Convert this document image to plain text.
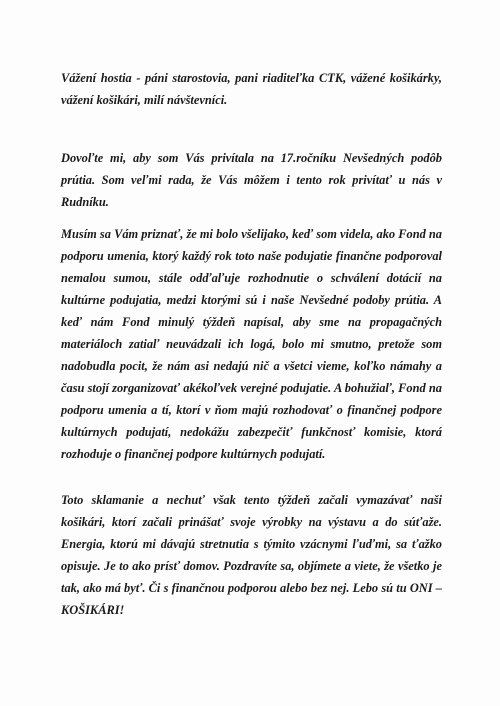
Vážení hostia - páni starostovia, pani riaditeľka CTK, vážené košikárky, vážení košikári, milí návštevníci.

Dovoľte mi, aby som Vás privítala na 17.ročníku Nevšedných podôb prútia. Som veľmi rada, že Vás môžem i tento rok privítať u nás v Rudníku.

Musím sa Vám priznať, že mi bolo všelijako, keď som videla, ako Fond na podporu umenia, ktorý každý rok toto naše podujatie finančne podporoval nemalou sumou, stále odďaľuje rozhodnutie o schválení dotácií na kultúrne podujatia, medzi ktorými sú i naše Nevšedné podoby prútia. A keď nám Fond minulý týždeň napísal, aby sme na propagačných materiáloch zatiaľ neuvádzali ich logá, bolo mi smutno, pretože som nadobudla pocit, že nám asi nedajú nič a všetci vieme, koľko námahy a času stojí zorganizovať akékoľvek verejné podujatie. A bohužiaľ, Fond na podporu umenia a tí, ktorí v ňom majú rozhodovať o finančnej podpore kultúrnych podujatí, nedokážu zabezpečiť funkčnosť komisie, ktorá rozhoduje o finančnej podpore kultúrnych podujatí.

Toto sklamanie a nechuť však tento týždeň začali vymazávať naši košikári, ktorí začali prinášať svoje výrobky na výstavu a do súťaže. Energia, ktorú mi dávajú stretnutia s týmito vzácnymi ľuďmi, sa ťažko opisuje. Je to ako prísť domov. Pozdravíte sa, objímete a viete, že všetko je tak, ako má byť. Či s finančnou podporou alebo bez nej. Lebo sú tu ONI – KOŠIKÁRI!
